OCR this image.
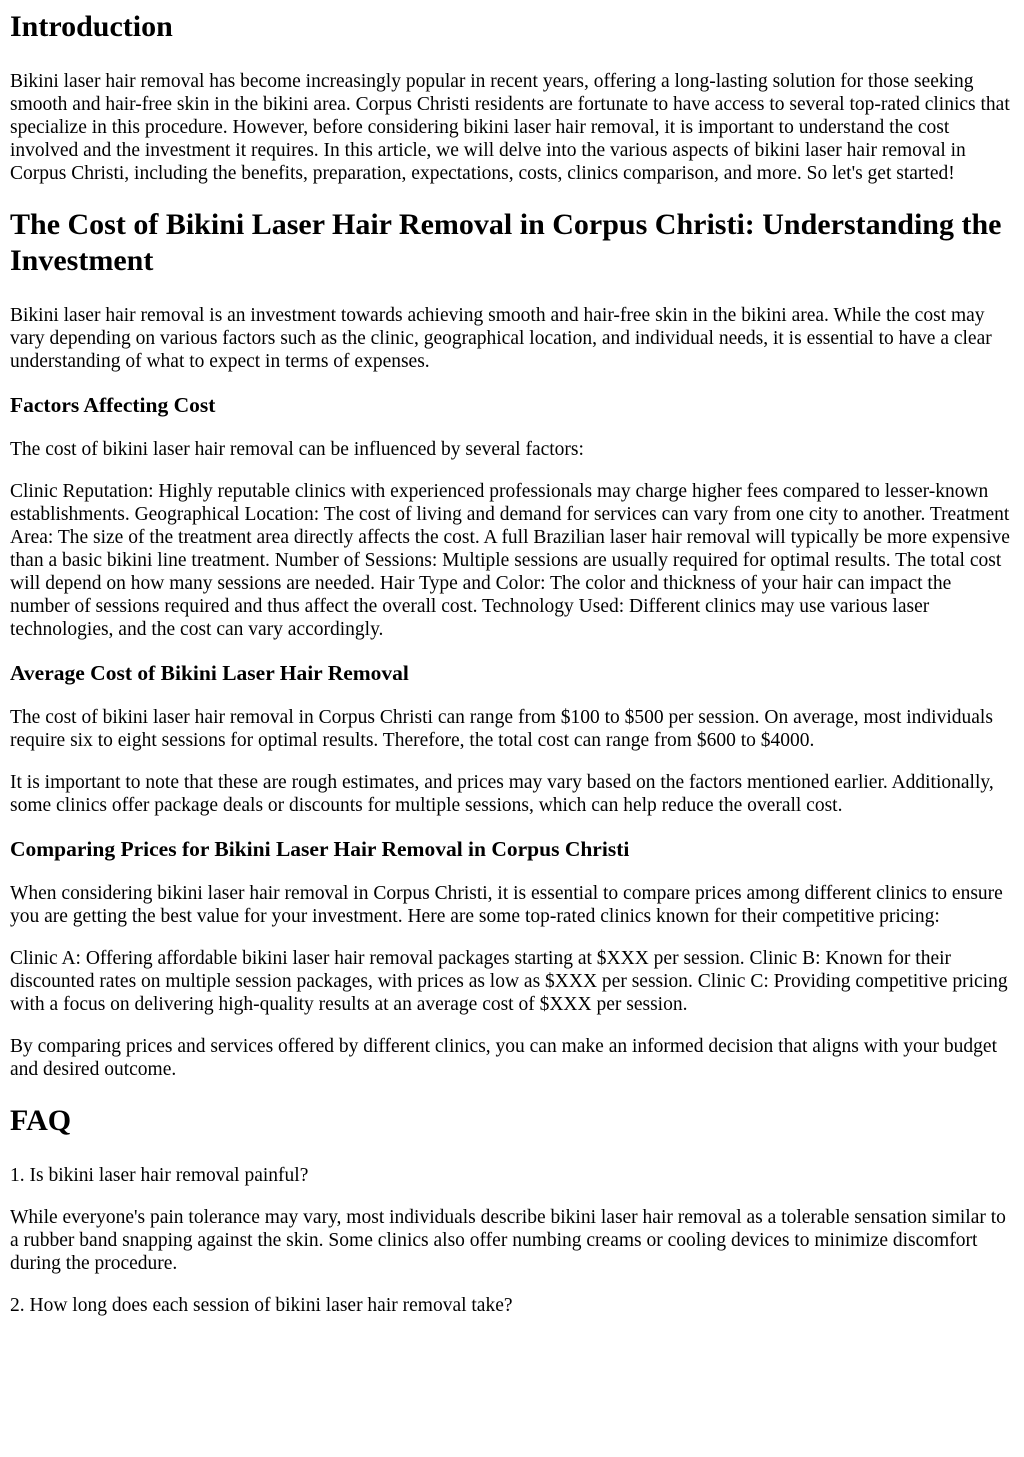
Introduction

Bikini laser hair removal has become increasingly popular in recent years, offering a long-lasting solution for those seeking smooth and hair-free skin in the bikini area. Corpus Christi residents are fortunate to have access to several top-rated clinics that specialize in this procedure. However, before considering bikini laser hair removal, it is important to understand the cost involved and the investment it requires. In this article, we will delve into the various aspects of bikini laser hair removal in Corpus Christi, including the benefits, preparation, expectations, costs, clinics comparison, and more. So let's get started!

The Cost of Bikini Laser Hair Removal in Corpus Christi: Understanding the Investment

Bikini laser hair removal is an investment towards achieving smooth and hair-free skin in the bikini area. While the cost may vary depending on various factors such as the clinic, geographical location, and individual needs, it is essential to have a clear understanding of what to expect in terms of expenses.

Factors Affecting Cost

The cost of bikini laser hair removal can be influenced by several factors:

Clinic Reputation: Highly reputable clinics with experienced professionals may charge higher fees compared to lesser-known establishments. Geographical Location: The cost of living and demand for services can vary from one city to another. Treatment Area: The size of the treatment area directly affects the cost. A full Brazilian laser hair removal will typically be more expensive than a basic bikini line treatment. Number of Sessions: Multiple sessions are usually required for optimal results. The total cost will depend on how many sessions are needed. Hair Type and Color: The color and thickness of your hair can impact the number of sessions required and thus affect the overall cost. Technology Used: Different clinics may use various laser technologies, and the cost can vary accordingly.

Average Cost of Bikini Laser Hair Removal

The cost of bikini laser hair removal in Corpus Christi can range from $100 to $500 per session. On average, most individuals require six to eight sessions for optimal results. Therefore, the total cost can range from $600 to $4000.

It is important to note that these are rough estimates, and prices may vary based on the factors mentioned earlier. Additionally, some clinics offer package deals or discounts for multiple sessions, which can help reduce the overall cost.

Comparing Prices for Bikini Laser Hair Removal in Corpus Christi

When considering bikini laser hair removal in Corpus Christi, it is essential to compare prices among different clinics to ensure you are getting the best value for your investment. Here are some top-rated clinics known for their competitive pricing:

Clinic A: Offering affordable bikini laser hair removal packages starting at $XXX per session. Clinic B: Known for their discounted rates on multiple session packages, with prices as low as $XXX per session. Clinic C: Providing competitive pricing with a focus on delivering high-quality results at an average cost of $XXX per session.

By comparing prices and services offered by different clinics, you can make an informed decision that aligns with your budget and desired outcome.

FAQ

1. Is bikini laser hair removal painful?

While everyone's pain tolerance may vary, most individuals describe bikini laser hair removal as a tolerable sensation similar to a rubber band snapping against the skin. Some clinics also offer numbing creams or cooling devices to minimize discomfort during the procedure.

2. How long does each session of bikini laser hair removal take?
